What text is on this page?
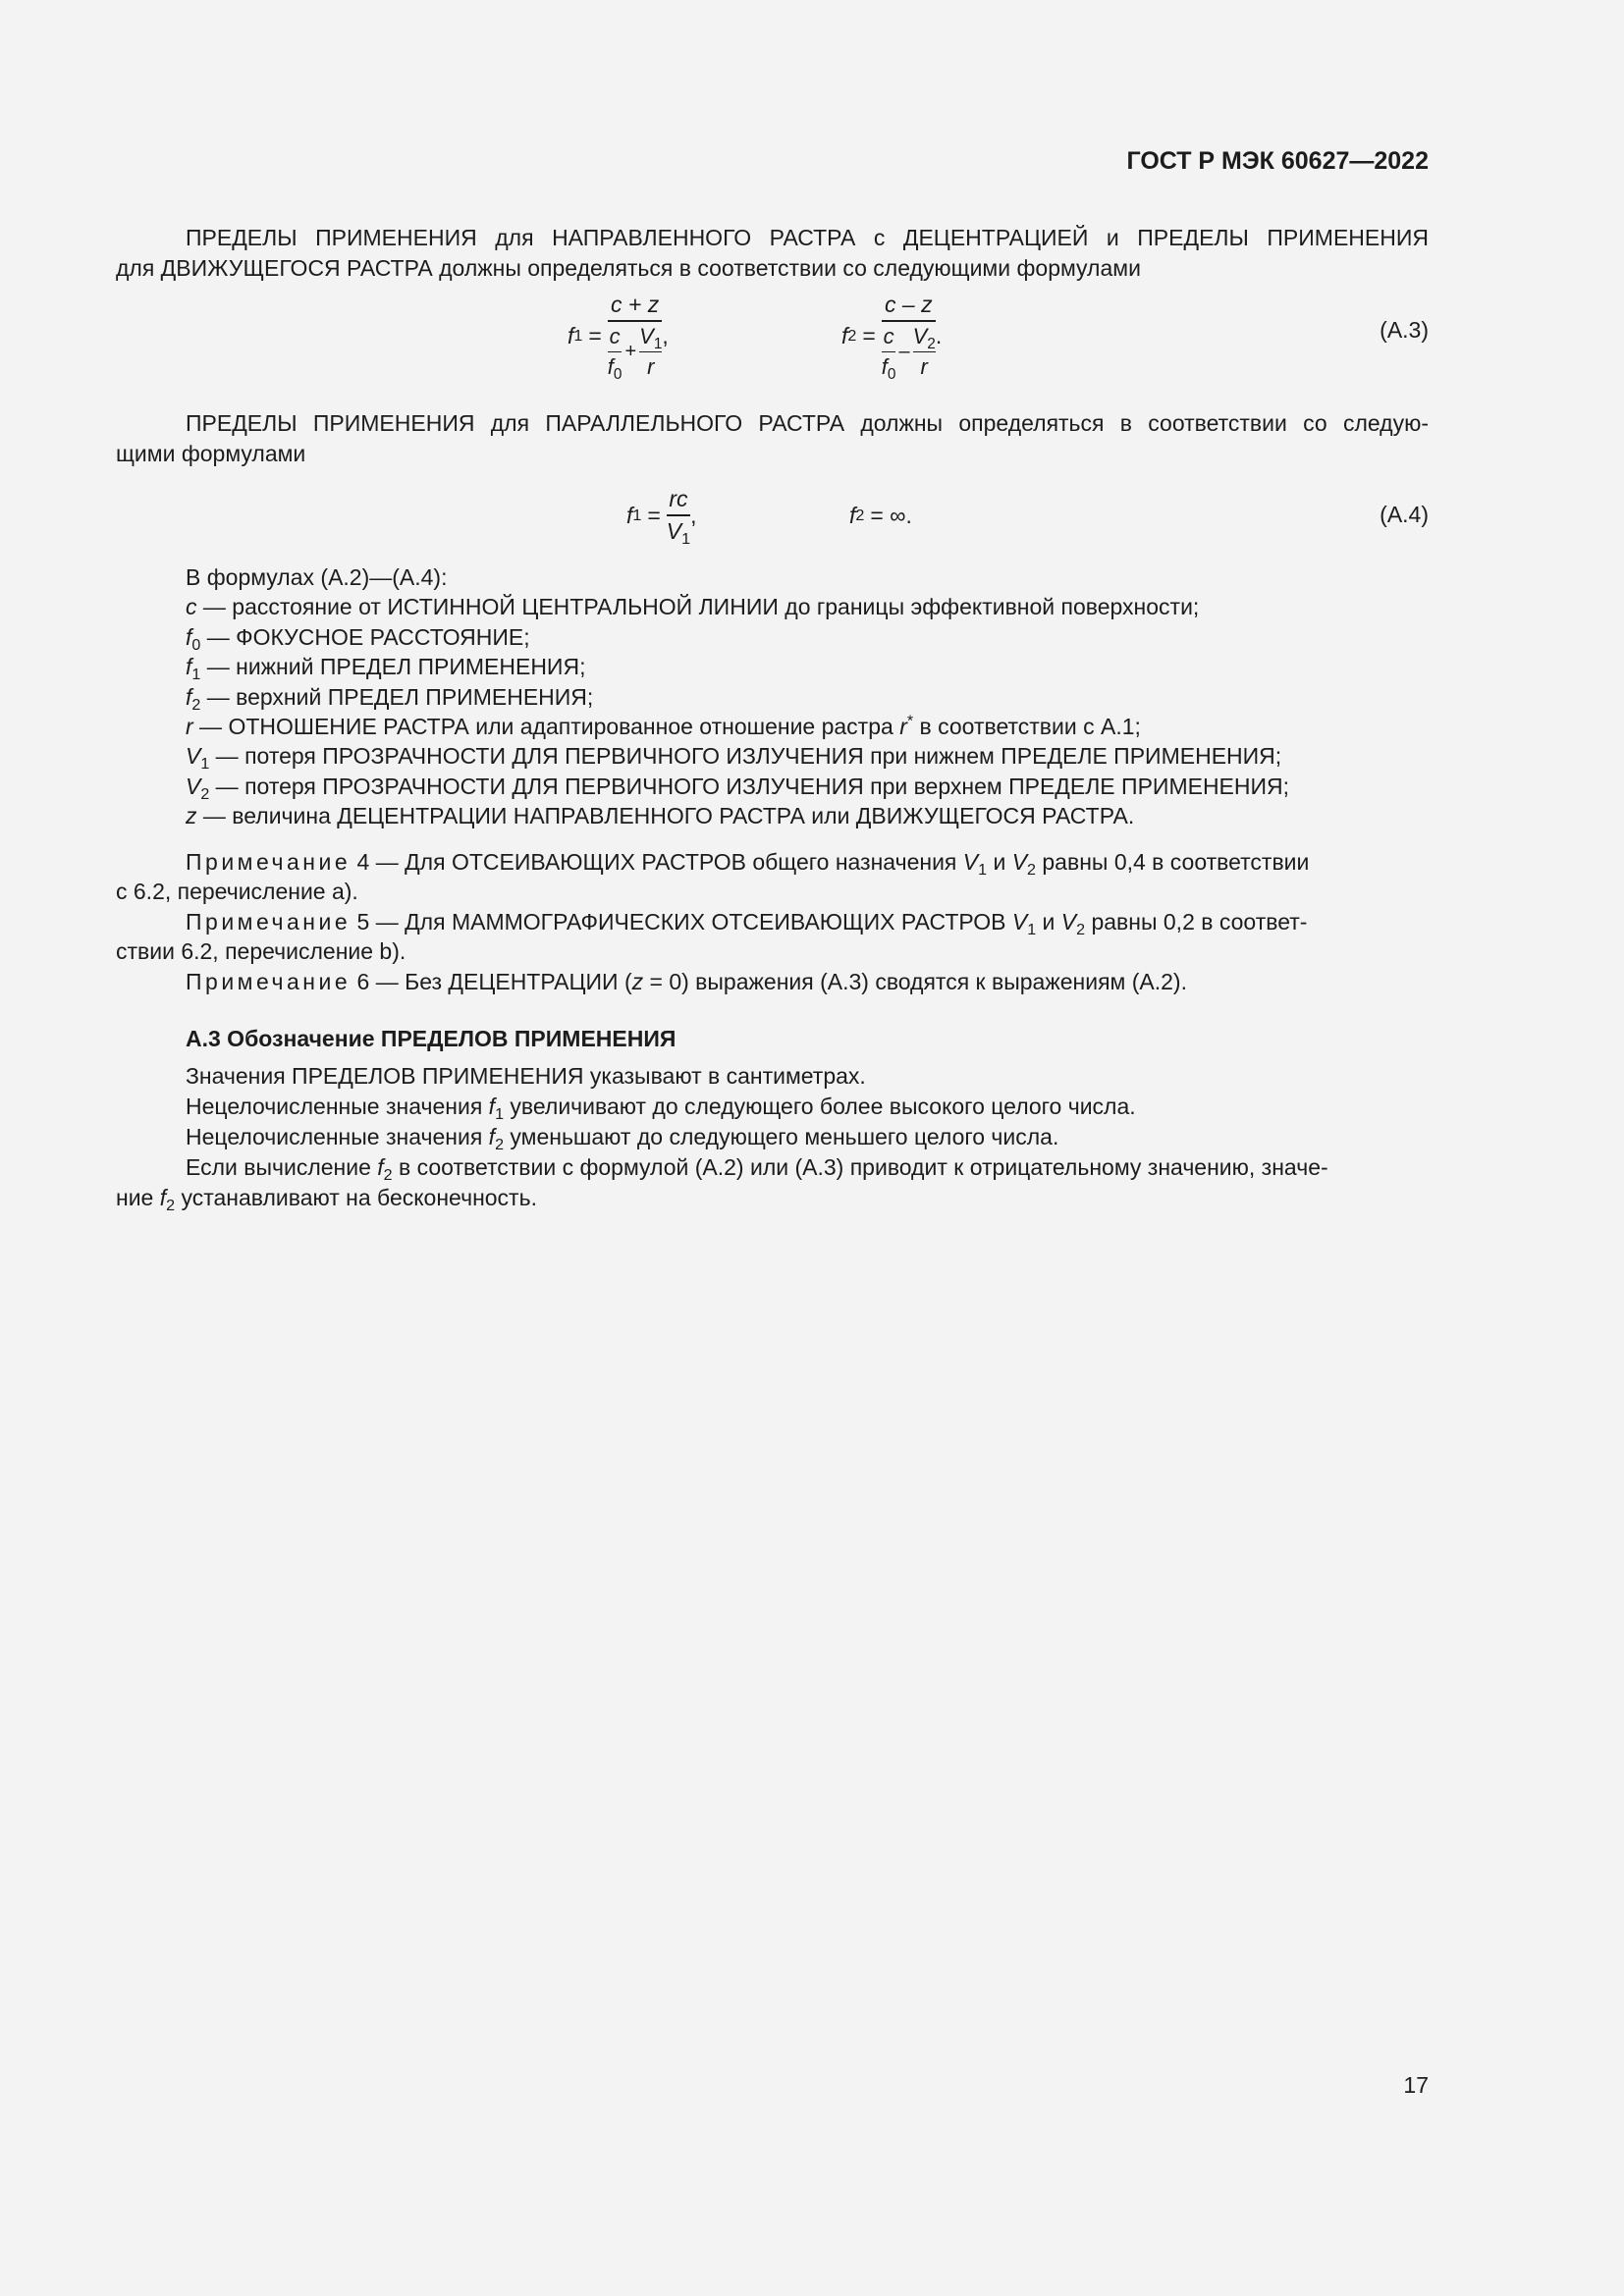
ГОСТ Р МЭК 60627—2022
ПРЕДЕЛЫ ПРИМЕНЕНИЯ для НАПРАВЛЕННОГО РАСТРА с ДЕЦЕНТРАЦИЕЙ и ПРЕДЕЛЫ ПРИМЕНЕНИЯ
для ДВИЖУЩЕГОСЯ РАСТРА должны определяться в соответствии со следующими формулами
f $1 = \frac{c + z}{\frac{c}{f_0} + \frac{V_1}{r}}$ ,	f $2 = \frac{c - z}{\frac{c}{f_0} - \frac{V_2}{r}}$ .	(A.3)
ПРЕДЕЛЫ ПРИМЕНЕНИЯ для ПАРАЛЛЕЛЬНОГО РАСТРА должны определяться в соответствии со следую-
щими формулами
f $1 = \frac{rc}{V_1}$ ,	f 2 = ∞.	(A.4)
В формулах (А.2)—(А.4):
c — расстояние от ИСТИННОЙ ЦЕНТРАЛЬНОЙ ЛИНИИ до границы эффективной поверхности;
$f_0$ — ФОКУСНОЕ РАССТОЯНИЕ;
$f_1$ — нижний ПРЕДЕЛ ПРИМЕНЕНИЯ;
$f_2$ — верхний ПРЕДЕЛ ПРИМЕНЕНИЯ;
r — ОТНОШЕНИЕ РАСТРА или адаптированное отношение растра r* в соответствии с А.1;
$V_1$ — потеря ПРОЗРАЧНОСТИ ДЛЯ ПЕРВИЧНОГО ИЗЛУЧЕНИЯ при нижнем ПРЕДЕЛЕ ПРИМЕНЕНИЯ;
$V_2$ — потеря ПРОЗРАЧНОСТИ ДЛЯ ПЕРВИЧНОГО ИЗЛУЧЕНИЯ при верхнем ПРЕДЕЛЕ ПРИМЕНЕНИЯ;
z — величина ДЕЦЕНТРАЦИИ НАПРАВЛЕННОГО РАСТРА или ДВИЖУЩЕГОСЯ РАСТРА.
Примечание 4 — Для ОТСЕИВАЮЩИХ РАСТРОВ общего назначения $V_1$ и $V_2$ равны 0,4 в соответствии
с 6.2, перечисление а).
Примечание 5 — Для МАММОГРАФИЧЕСКИХ ОТСЕИВАЮЩИХ РАСТРОВ $V_1$ и $V_2$ равны 0,2 в соответ-
ствии 6.2, перечисление b).
Примечание 6 — Без ДЕЦЕНТРАЦИИ (z = 0) выражения (А.3) сводятся к выражениям (А.2).
А.3 Обозначение ПРЕДЕЛОВ ПРИМЕНЕНИЯ
Значения ПРЕДЕЛОВ ПРИМЕНЕНИЯ указывают в сантиметрах.
Нецелочисленные значения $f_1$ увеличивают до следующего более высокого целого числа.
Нецелочисленные значения $f_2$ уменьшают до следующего меньшего целого числа.
Если вычисление $f_2$ в соответствии с формулой (А.2) или (А.3) приводит к отрицательному значению, значе-
ние $f_2$ устанавливают на бесконечность.
17
